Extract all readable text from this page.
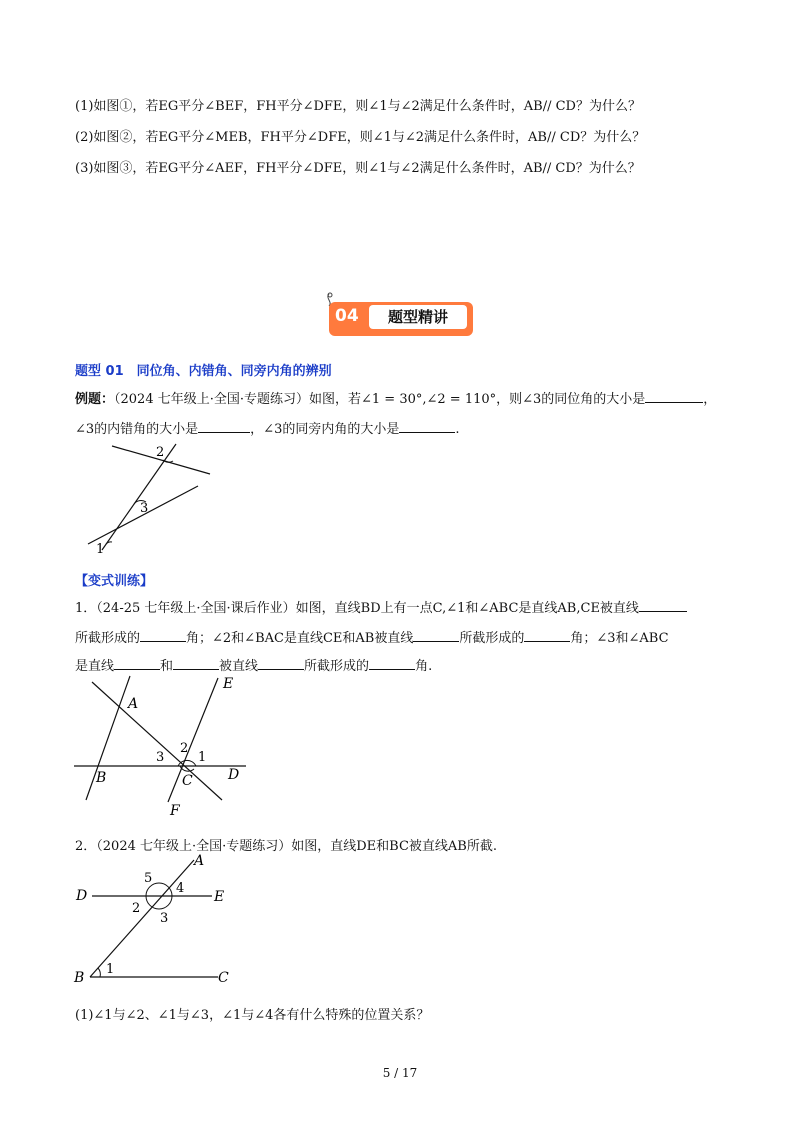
(1)如图①，若EG平分∠BEF，FH平分∠DFE，则∠1与∠2满足什么条件时，AB// CD？为什么？
(2)如图②，若EG平分∠MEB，FH平分∠DFE，则∠1与∠2满足什么条件时，AB// CD？为什么？
(3)如图③，若EG平分∠AEF，FH平分∠DFE，则∠1与∠2满足什么条件时，AB// CD？为什么？
04	题型精讲
题型 01　同位角、内错角、同旁内角的辨别
例题：（2024 七年级上·全国·专题练习）如图，若∠1 = 30°,∠2 = 110°，则∠3的同位角的大小是	，
∠3的内错角的大小是	，∠3的同旁内角的大小是	.
2
3
1
【变式训练】
1．（24-25 七年级上·全国·课后作业）如图，直线BD上有一点C,∠1和∠ABC是直线AB,CE被直线
所截形成的	角；∠2和∠BAC是直线CE和AB被直线	所截形成的	角；∠3和∠ABC
是直线	和	被直线	所截形成的	角.
A
E
2
1
3
B	C	D
F
2．（2024 七年级上·全国·专题练习）如图，直线DE和BC被直线AB所截.
A
5
4
D	E
2
3
B
1
C
(1)∠1与∠2、∠1与∠3，∠1与∠4各有什么特殊的位置关系？
5 / 17
